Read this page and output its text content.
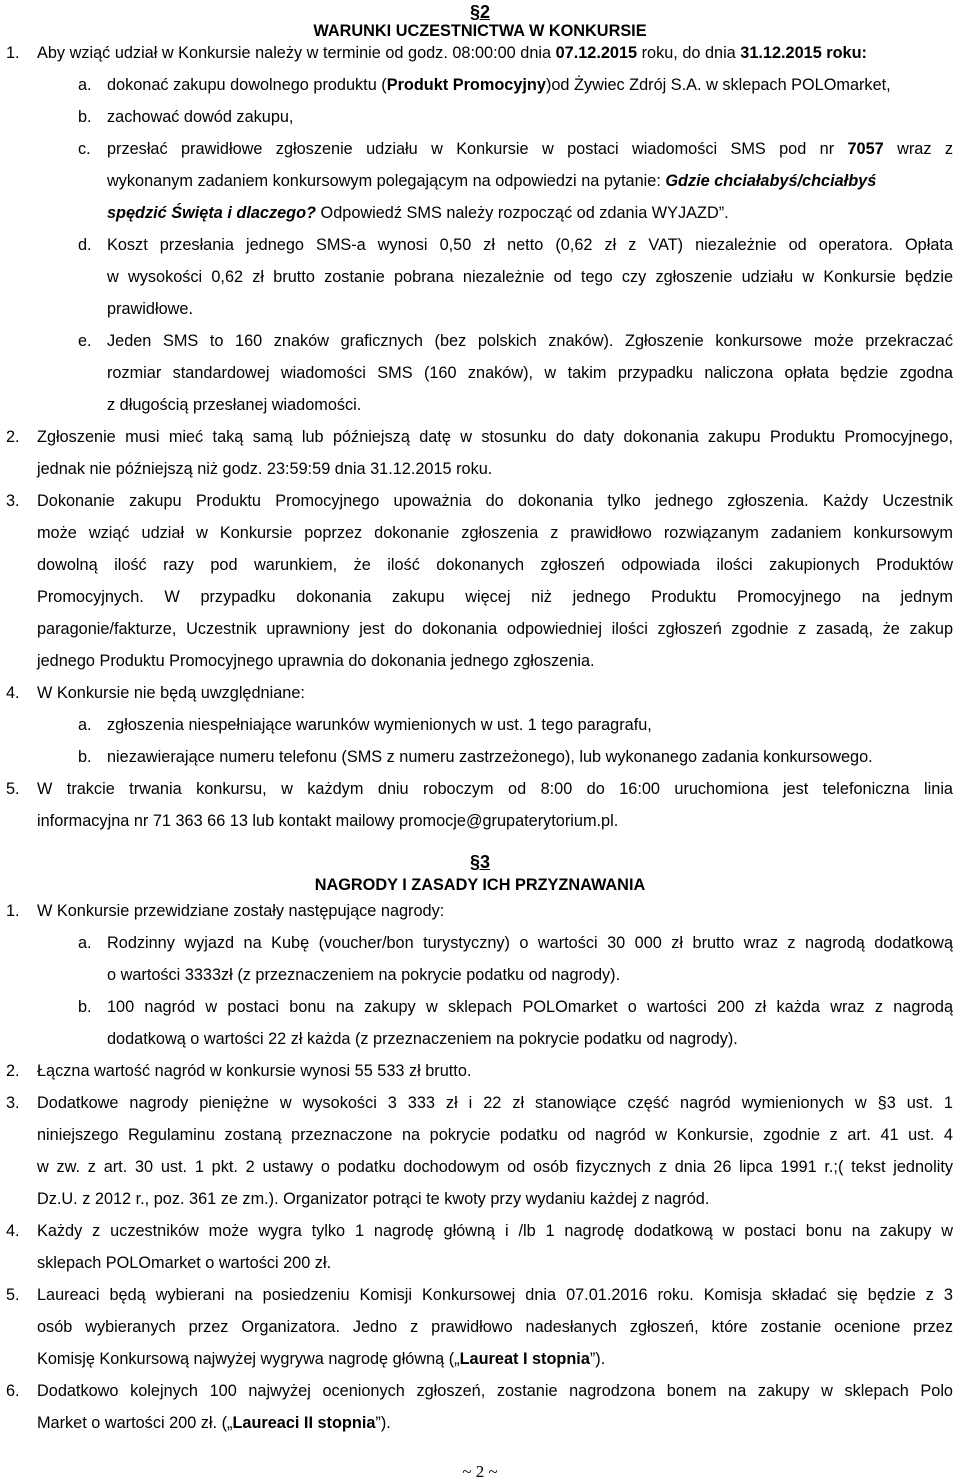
§2
WARUNKI UCZESTNICTWA W KONKURSIE
1. Aby wziąć udział w Konkursie należy w terminie od godz. 08:00:00 dnia 07.12.2015 roku, do dnia 31.12.2015 roku:
a. dokonać zakupu dowolnego produktu (Produkt Promocyjny)od Żywiec Zdrój S.A. w sklepach POLOmarket,
b. zachować dowód zakupu,
c. przesłać prawidłowe zgłoszenie udziału w Konkursie w postaci wiadomości SMS pod nr 7057 wraz z
wykonanym zadaniem konkursowym polegającym na odpowiedzi na pytanie: Gdzie chciałabyś/chciałbyś
spędzić Święta i dlaczego? Odpowiedź SMS należy rozpocząć od zdania WYJAZD”.
d. Koszt przesłania jednego SMS-a wynosi 0,50 zł netto (0,62 zł z VAT) niezależnie od operatora. Opłata
w wysokości 0,62 zł brutto zostanie pobrana niezależnie od tego czy zgłoszenie udziału w Konkursie będzie
prawidłowe.
e. Jeden SMS to 160 znaków graficznych (bez polskich znaków). Zgłoszenie konkursowe może przekraczać
rozmiar standardowej wiadomości SMS (160 znaków), w takim przypadku naliczona opłata będzie zgodna
z długością przesłanej wiadomości.
2. Zgłoszenie musi mieć taką samą lub późniejszą datę w stosunku do daty dokonania zakupu Produktu Promocyjnego,
jednak nie późniejszą niż godz. 23:59:59 dnia 31.12.2015 roku.
3. Dokonanie zakupu Produktu Promocyjnego upoważnia do dokonania tylko jednego zgłoszenia. Każdy Uczestnik
może wziąć udział w Konkursie poprzez dokonanie zgłoszenia z prawidłowo rozwiązanym zadaniem konkursowym
dowolną ilość razy pod warunkiem, że ilość dokonanych zgłoszeń odpowiada ilości zakupionych Produktów
Promocyjnych. W przypadku dokonania zakupu więcej niż jednego Produktu Promocyjnego na jednym
paragonie/fakturze, Uczestnik uprawniony jest do dokonania odpowiedniej ilości zgłoszeń zgodnie z zasadą, że zakup
jednego Produktu Promocyjnego uprawnia do dokonania jednego zgłoszenia.
4. W Konkursie nie będą uwzględniane:
a. zgłoszenia niespełniające warunków wymienionych w ust. 1 tego paragrafu,
b. niezawierające numeru telefonu (SMS z numeru zastrzeżonego), lub wykonanego zadania konkursowego.
5. W trakcie trwania konkursu, w każdym dniu roboczym od 8:00 do 16:00 uruchomiona jest telefoniczna linia
informacyjna nr 71 363 66 13 lub kontakt mailowy promocje@grupaterytorium.pl.
§3
NAGRODY I ZASADY ICH PRZYZNAWANIA
1. W Konkursie przewidziane zostały następujące nagrody:
a. Rodzinny wyjazd na Kubę (voucher/bon turystyczny) o wartości 30 000 zł brutto wraz z nagrodą dodatkową
o wartości 3333zł (z przeznaczeniem na pokrycie podatku od nagrody).
b. 100 nagród w postaci bonu na zakupy w sklepach POLOmarket o wartości 200 zł każda wraz z nagrodą
dodatkową o wartości 22 zł każda (z przeznaczeniem na pokrycie podatku od nagrody).
2. Łączna wartość nagród w konkursie wynosi 55 533 zł brutto.
3. Dodatkowe nagrody pieniężne w wysokości 3 333 zł i 22 zł stanowiące część nagród wymienionych w §3 ust. 1
niniejszego Regulaminu zostaną przeznaczone na pokrycie podatku od nagród w Konkursie, zgodnie z art. 41 ust. 4
w zw. z art. 30 ust. 1 pkt. 2 ustawy o podatku dochodowym od osób fizycznych z dnia 26 lipca 1991 r.;( tekst jednolity
Dz.U. z 2012 r., poz. 361 ze zm.). Organizator potrąci te kwoty przy wydaniu każdej z nagród.
4. Każdy z uczestników może wygra tylko 1 nagrodę główną i /lb 1 nagrodę dodatkową w postaci bonu na zakupy w
sklepach POLOmarket o wartości 200 zł.
5. Laureaci będą wybierani na posiedzeniu Komisji Konkursowej dnia 07.01.2016 roku. Komisja składać się będzie z 3
osób wybieranych przez Organizatora. Jedno z prawidłowo nadesłanych zgłoszeń, które zostanie ocenione przez
Komisję Konkursową najwyżej wygrywa nagrodę główną („Laureat I stopnia”).
6. Dodatkowo kolejnych 100 najwyżej ocenionych zgłoszeń, zostanie nagrodzona bonem na zakupy w sklepach Polo
Market o wartości 200 zł. („Laureaci II stopnia”).
~ 2 ~
